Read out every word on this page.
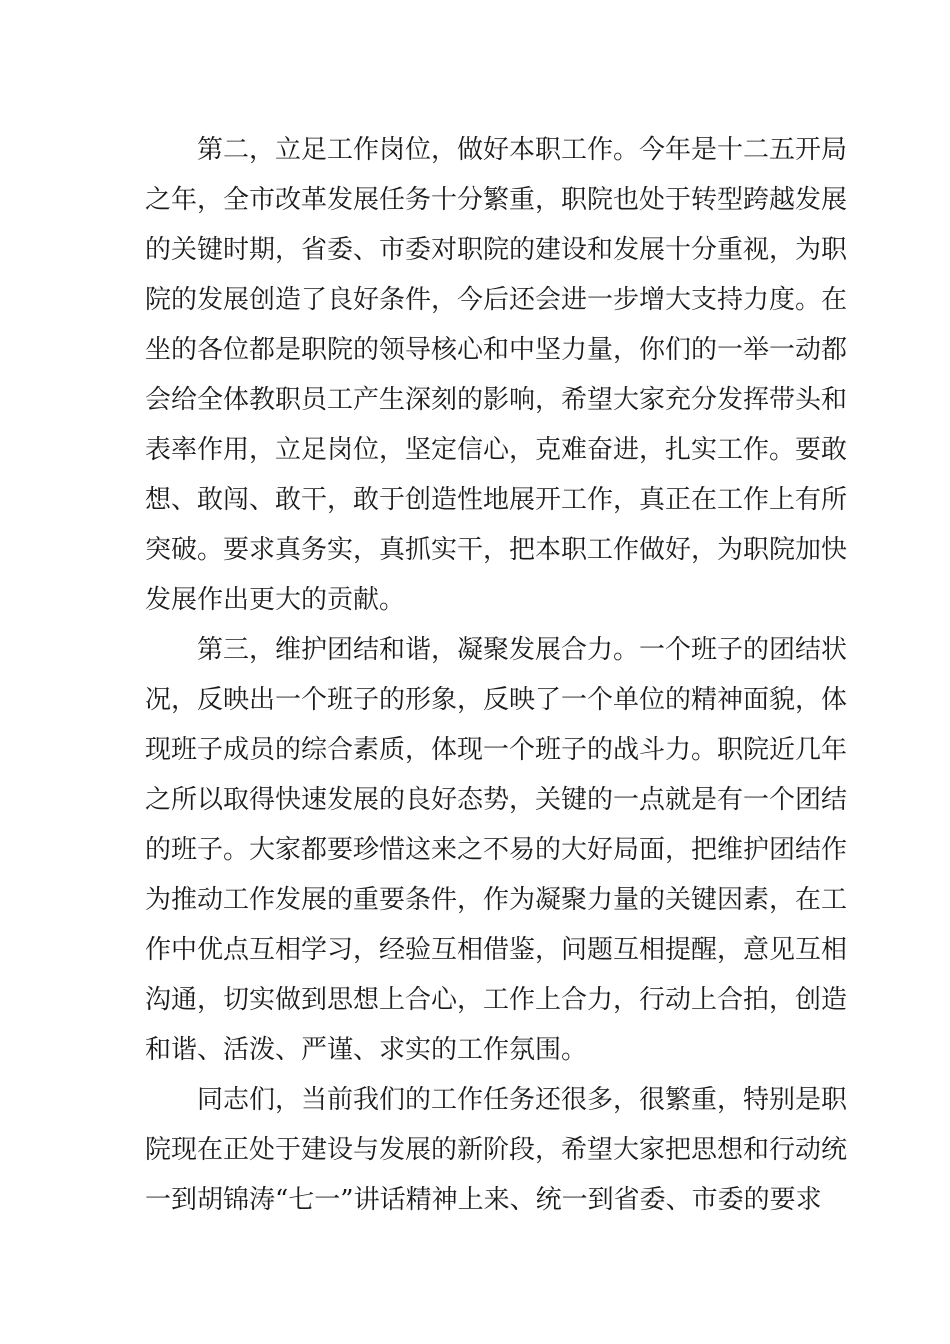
第二，立足工作岗位，做好本职工作。今年是十二五开局
之年，全市改革发展任务十分繁重，职院也处于转型跨越发展
的关键时期，省委、市委对职院的建设和发展十分重视，为职
院的发展创造了良好条件，今后还会进一步增大支持力度。在
坐的各位都是职院的领导核心和中坚力量，你们的一举一动都
会给全体教职员工产生深刻的影响，希望大家充分发挥带头和
表率作用，立足岗位，坚定信心，克难奋进，扎实工作。要敢
想、敢闯、敢干，敢于创造性地展开工作，真正在工作上有所
突破。要求真务实，真抓实干，把本职工作做好，为职院加快
发展作出更大的贡献。

第三，维护团结和谐，凝聚发展合力。一个班子的团结状
况，反映出一个班子的形象，反映了一个单位的精神面貌，体
现班子成员的综合素质，体现一个班子的战斗力。职院近几年
之所以取得快速发展的良好态势，关键的一点就是有一个团结
的班子。大家都要珍惜这来之不易的大好局面，把维护团结作
为推动工作发展的重要条件，作为凝聚力量的关键因素，在工
作中优点互相学习，经验互相借鉴，问题互相提醒，意见互相
沟通，切实做到思想上合心，工作上合力，行动上合拍，创造
和谐、活泼、严谨、求实的工作氛围。

同志们，当前我们的工作任务还很多，很繁重，特别是职
院现在正处于建设与发展的新阶段，希望大家把思想和行动统
一到胡锦涛“七一”讲话精神上来、统一到省委、市委的要求
